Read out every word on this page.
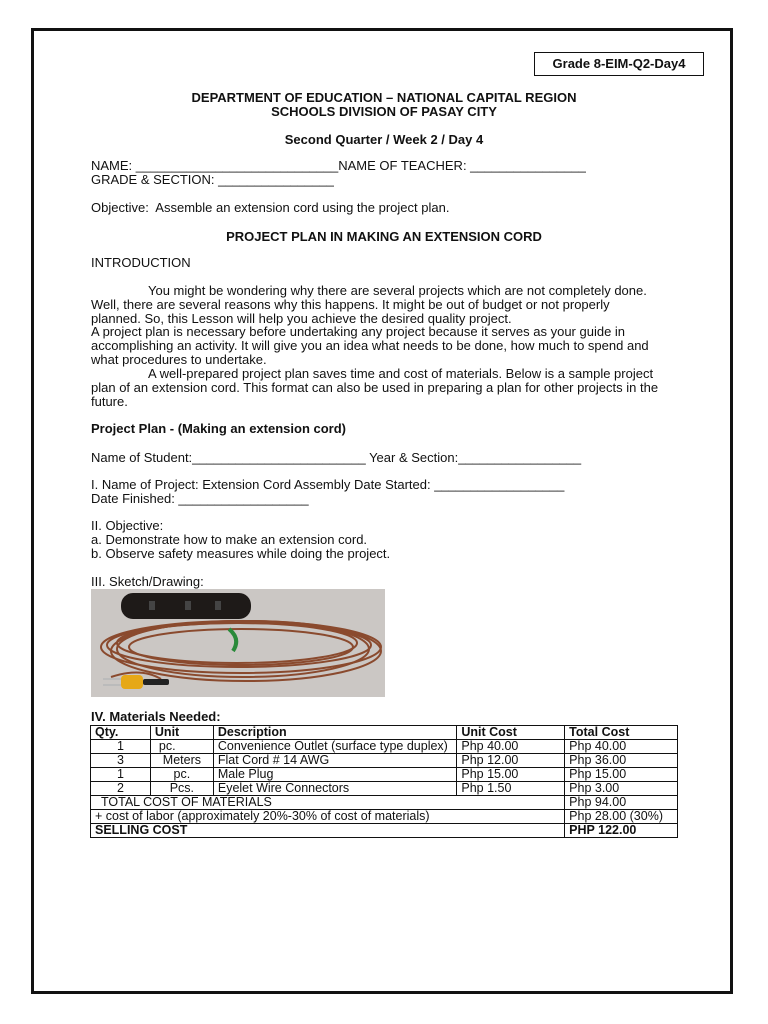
Grade 8-EIM-Q2-Day4
DEPARTMENT OF EDUCATION – NATIONAL CAPITAL REGION
SCHOOLS DIVISION OF PASAY CITY
Second Quarter / Week 2 / Day 4
NAME: ____________________________NAME OF TEACHER: ________________
GRADE & SECTION: ________________
Objective:  Assemble an extension cord using the project plan.
PROJECT PLAN IN MAKING AN EXTENSION CORD
INTRODUCTION
You might be wondering why there are several projects which are not completely done. Well, there are several reasons why this happens. It might be out of budget or not properly planned. So, this Lesson will help you achieve the desired quality project.
A project plan is necessary before undertaking any project because it serves as your guide in accomplishing an activity. It will give you an idea what needs to be done, how much to spend and what procedures to undertake.
A well-prepared project plan saves time and cost of materials. Below is a sample project plan of an extension cord. This format can also be used in preparing a plan for other projects in the future.
Project Plan - (Making an extension cord)
Name of Student:________________________ Year & Section:_________________
I. Name of Project: Extension Cord Assembly Date Started: __________________
Date Finished: __________________
II. Objective:
a. Demonstrate how to make an extension cord.
b. Observe safety measures while doing the project.
III. Sketch/Drawing:
IV. Materials Needed:
Qty.	Unit	Description	Unit Cost	Total Cost
1	pc.	Convenience Outlet (surface type duplex)	Php 40.00	Php 40.00
3	Meters	Flat Cord # 14 AWG	Php 12.00	Php 36.00
1	pc.	Male Plug	Php 15.00	Php 15.00
2	Pcs.	Eyelet Wire Connectors	Php 1.50	Php 3.00
TOTAL COST OF MATERIALS				Php 94.00
+ cost of labor (approximately 20%-30% of cost of materials)				Php 28.00 (30%)
SELLING COST				PHP 122.00
